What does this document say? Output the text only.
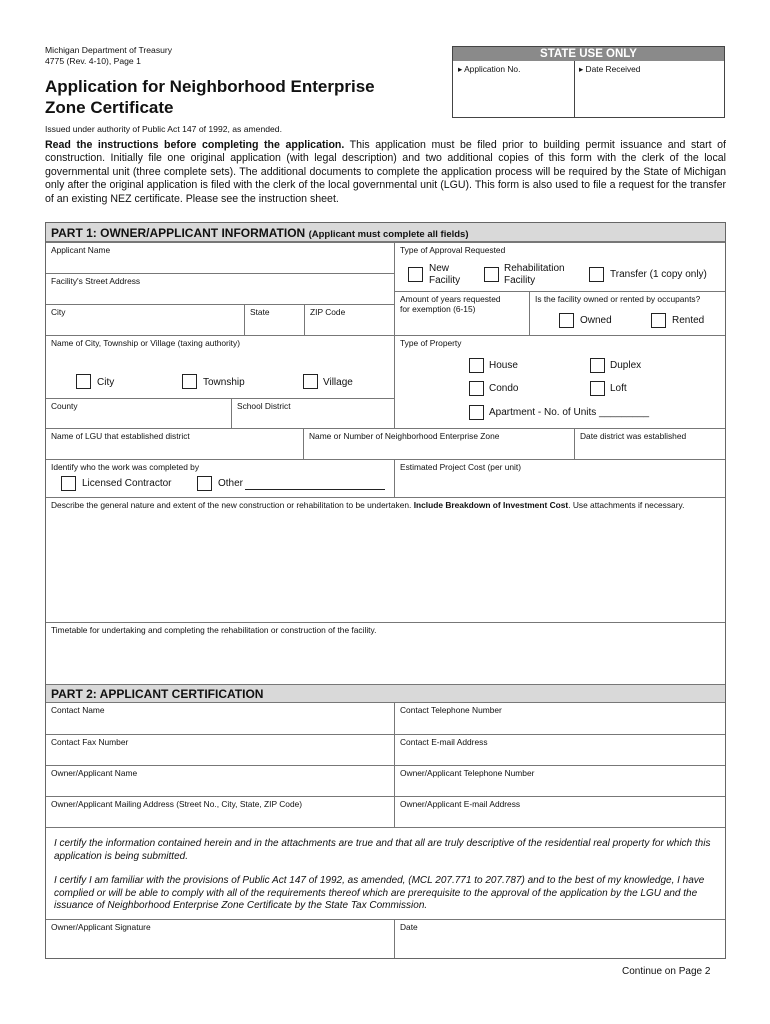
Michigan Department of Treasury
4775 (Rev. 4-10), Page 1
Application for Neighborhood Enterprise
Zone Certificate
Issued under authority of Public Act 147 of 1992, as amended.
STATE USE ONLY
▸ Application No.	▸ Date Received
Read the instructions before completing the application. This application must be filed prior to building permit issuance and start of construction. Initially file one original application (with legal description) and two additional copies of this form with the clerk of the local governmental unit (three complete sets). The additional documents to complete the application process will be required by the State of Michigan only after the original application is filed with the clerk of the local governmental unit (LGU). This form is also used to file a request for the transfer of an existing NEZ certificate. Please see the instruction sheet.
PART 1: OWNER/APPLICANT INFORMATION (Applicant must complete all fields)
Applicant Name
Facility's Street Address
City	State	ZIP Code
Name of City, Township or Village (taxing authority)
City	Township	Village
County	School District
Type of Approval Requested
New
Facility
Rehabilitation
Facility
Transfer (1 copy only)
Amount of years requested
for exemption (6-15)
Is the facility owned or rented by occupants?
Owned	Rented
Type of Property
House	Duplex
Condo	Loft
Apartment - No. of Units _________
Name of LGU that established district	Name or Number of Neighborhood Enterprise Zone	Date district was established
Identify who the work was completed by
Licensed Contractor	Other
Estimated Project Cost (per unit)
Describe the general nature and extent of the new construction or rehabilitation to be undertaken. Include Breakdown of Investment Cost. Use attachments if necessary.
Timetable for undertaking and completing the rehabilitation or construction of the facility.
PART 2: APPLICANT CERTIFICATION
Contact Name	Contact Telephone Number
Contact Fax Number	Contact E-mail Address
Owner/Applicant Name	Owner/Applicant Telephone Number
Owner/Applicant Mailing Address (Street No., City, State, ZIP Code)	Owner/Applicant E-mail Address
I certify the information contained herein and in the attachments are true and that all are truly descriptive of the residential real property for which this application is being submitted.
I certify I am familiar with the provisions of Public Act 147 of 1992, as amended, (MCL 207.771 to 207.787) and to the best of my knowledge, I have complied or will be able to comply with all of the requirements thereof which are prerequisite to the approval of the application by the LGU and the issuance of Neighborhood Enterprise Zone Certificate by the State Tax Commission.
Owner/Applicant Signature	Date
Continue on Page 2
